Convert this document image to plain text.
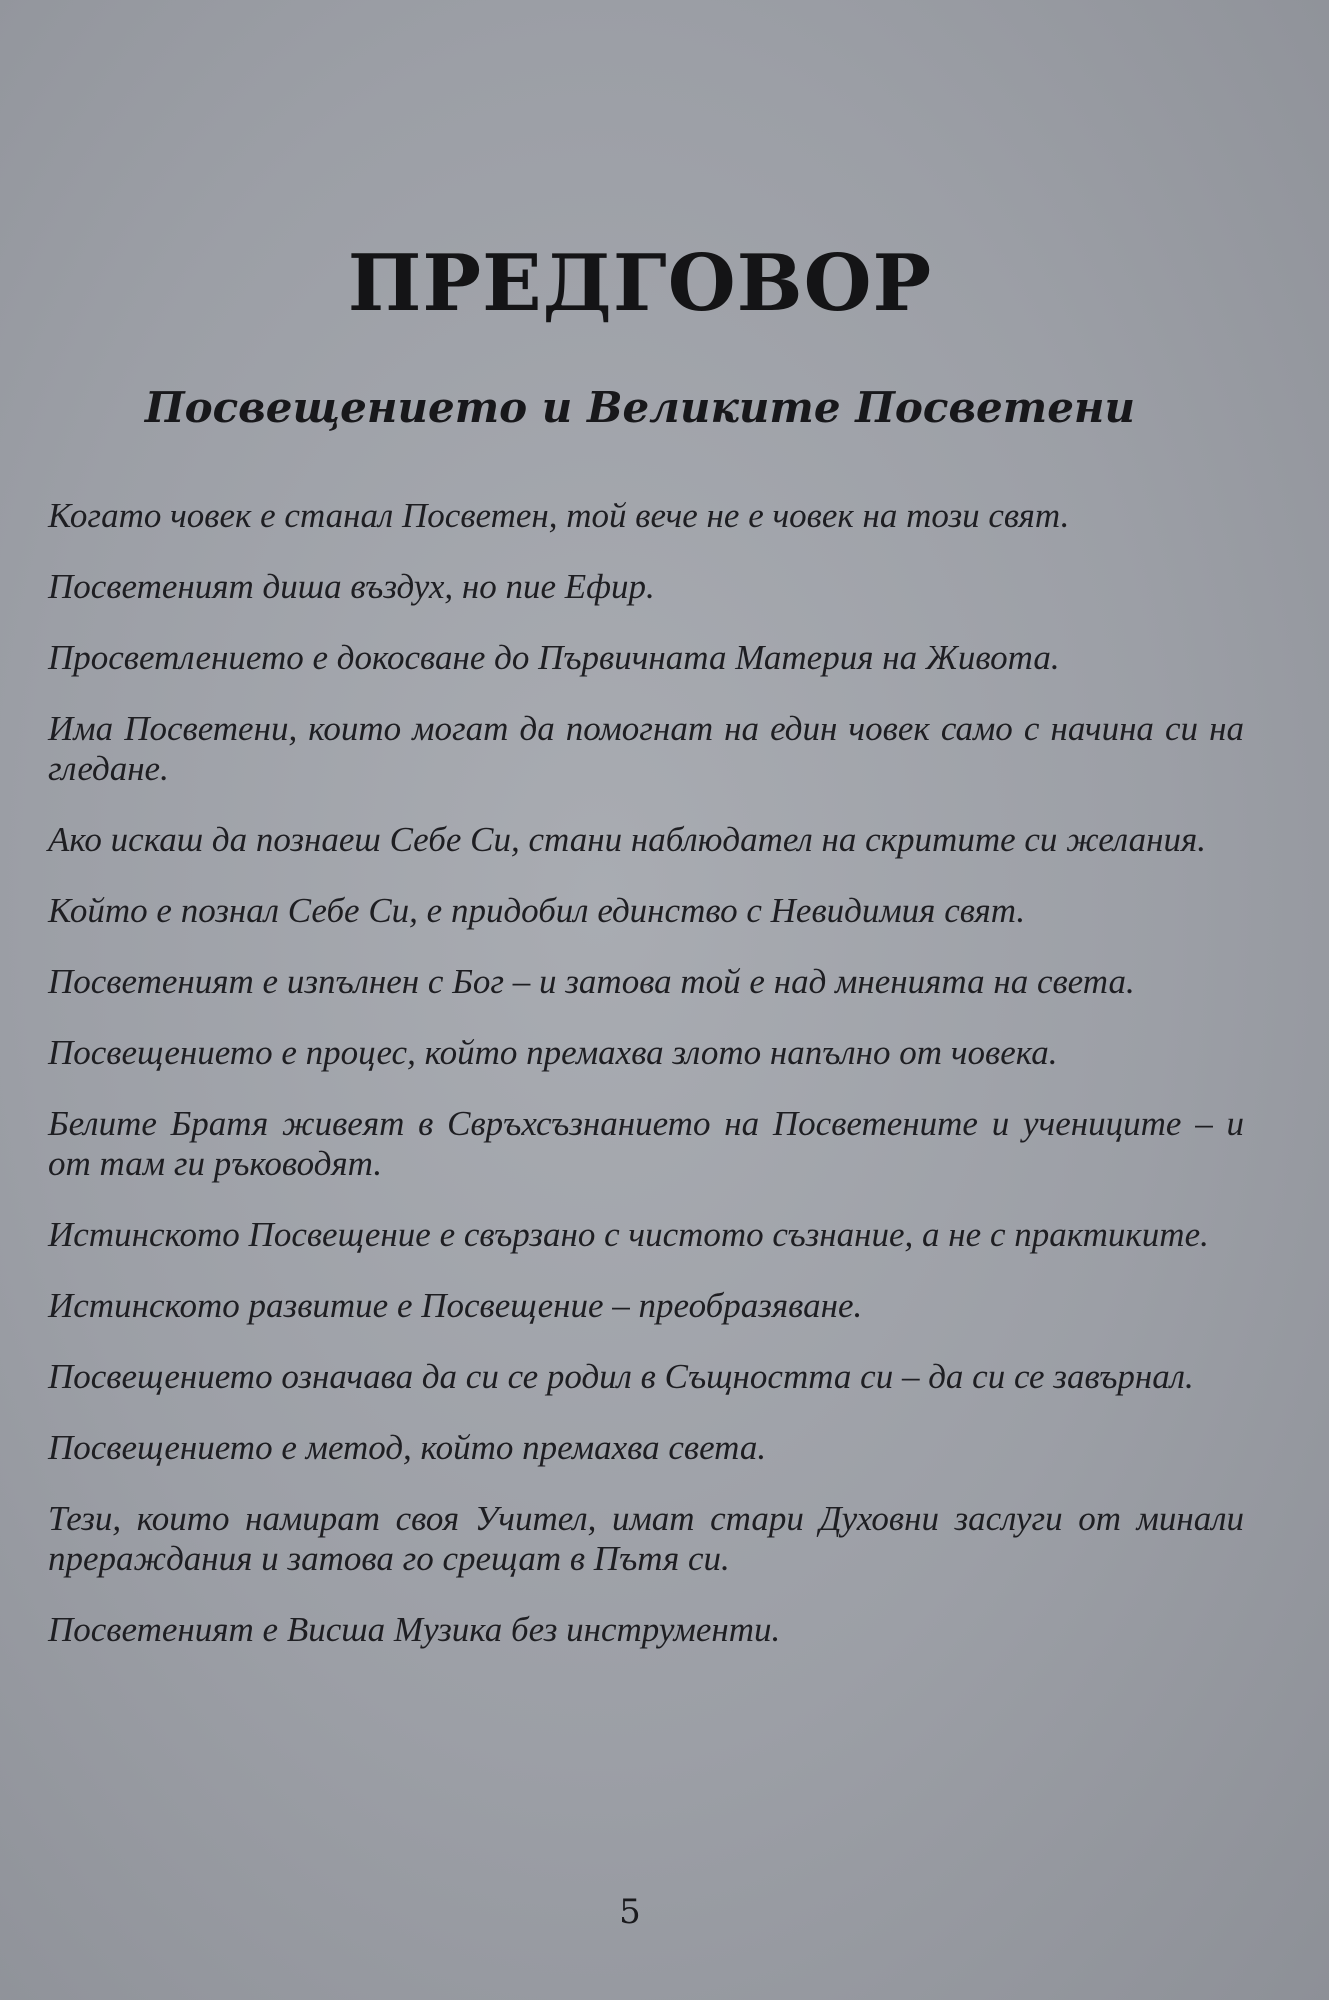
ПРЕДГОВОР
Посвещението и Великите Посветени

Когато човек е станал Посветен, той вече не е човек на този свят.

Посветеният диша въздух, но пие Ефир.

Просветлението е докосване до Първичната Материя на Живота.

Има Посветени, които могат да помогнат на един човек само с начина си на гледане.

Ако искаш да познаеш Себе Си, стани наблюдател на скритите си желания.

Който е познал Себе Си, е придобил единство с Невидимия свят.

Посветеният е изпълнен с Бог – и затова той е над мненията на света.

Посвещението е процес, който премахва злото напълно от човека.

Белите Братя живеят в Свръхсъзнанието на Посветените и учениците – и от там ги ръководят.

Истинското Посвещение е свързано с чистото съзнание, а не с практиките.

Истинското развитие е Посвещение – преобразяване.

Посвещението означава да си се родил в Същността си – да си се завърнал.

Посвещението е метод, който премахва света.

Тези, които намират своя Учител, имат стари Духовни заслуги от минали прераждания и затова го срещат в Пътя си.

Посветеният е Висша Музика без инструменти.

5
